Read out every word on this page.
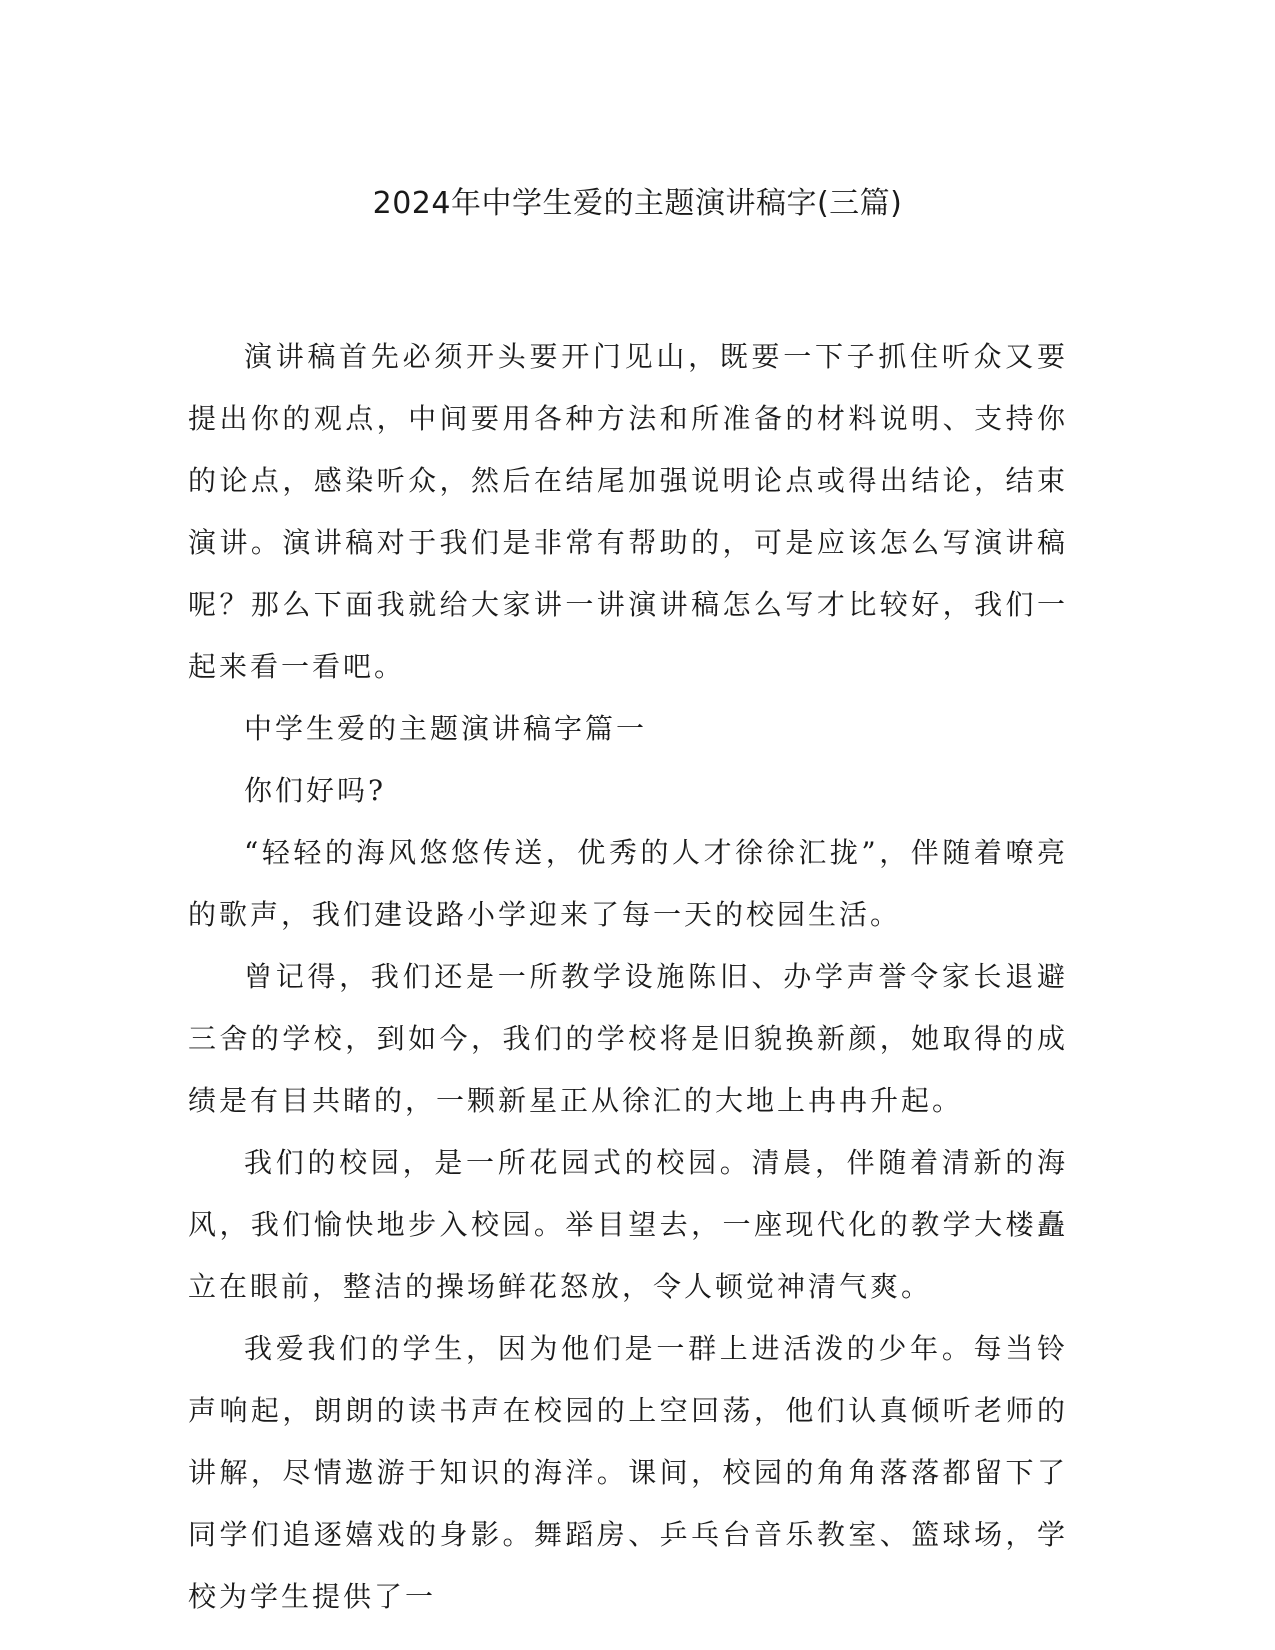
2024年中学生爱的主题演讲稿字(三篇)

演讲稿首先必须开头要开门见山，既要一下子抓住听众又要提出你的观点，中间要用各种方法和所准备的材料说明、支持你的论点，感染听众，然后在结尾加强说明论点或得出结论，结束演讲。演讲稿对于我们是非常有帮助的，可是应该怎么写演讲稿呢？那么下面我就给大家讲一讲演讲稿怎么写才比较好，我们一起来看一看吧。

中学生爱的主题演讲稿字篇一

你们好吗?

“轻轻的海风悠悠传送，优秀的人才徐徐汇拢”，伴随着嘹亮的歌声，我们建设路小学迎来了每一天的校园生活。

曾记得，我们还是一所教学设施陈旧、办学声誉令家长退避三舍的学校，到如今，我们的学校将是旧貌换新颜，她取得的成绩是有目共睹的，一颗新星正从徐汇的大地上冉冉升起。

我们的校园，是一所花园式的校园。清晨，伴随着清新的海风，我们愉快地步入校园。举目望去，一座现代化的教学大楼矗立在眼前，整洁的操场鲜花怒放，令人顿觉神清气爽。

我爱我们的学生，因为他们是一群上进活泼的少年。每当铃声响起，朗朗的读书声在校园的上空回荡，他们认真倾听老师的讲解，尽情遨游于知识的海洋。课间，校园的角角落落都留下了同学们追逐嬉戏的身影。舞蹈房、乒乓台音乐教室、篮球场，学校为学生提供了一
